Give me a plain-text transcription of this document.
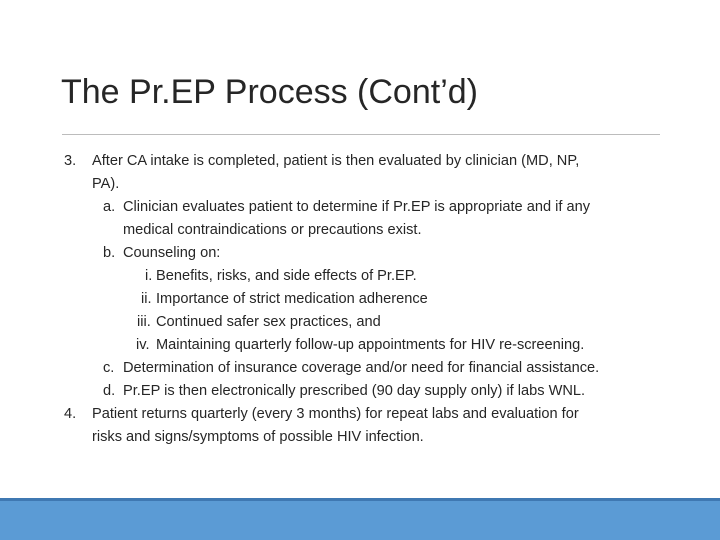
The Pr.EP Process (Cont’d)
3. After CA intake is completed, patient is then evaluated by clinician (MD, NP,
PA).
a. Clinician evaluates patient to determine if Pr.EP is appropriate and if any
medical contraindications or precautions exist.
b. Counseling on:
i. Benefits, risks, and side effects of Pr.EP.
ii. Importance of strict medication adherence
iii. Continued safer sex practices, and
iv. Maintaining quarterly follow-up appointments for HIV re-screening.
c. Determination of insurance coverage and/or need for financial assistance.
d. Pr.EP is then electronically prescribed (90 day supply only) if labs WNL.
4. Patient returns quarterly (every 3 months) for repeat labs and evaluation for
risks and signs/symptoms of possible HIV infection.
